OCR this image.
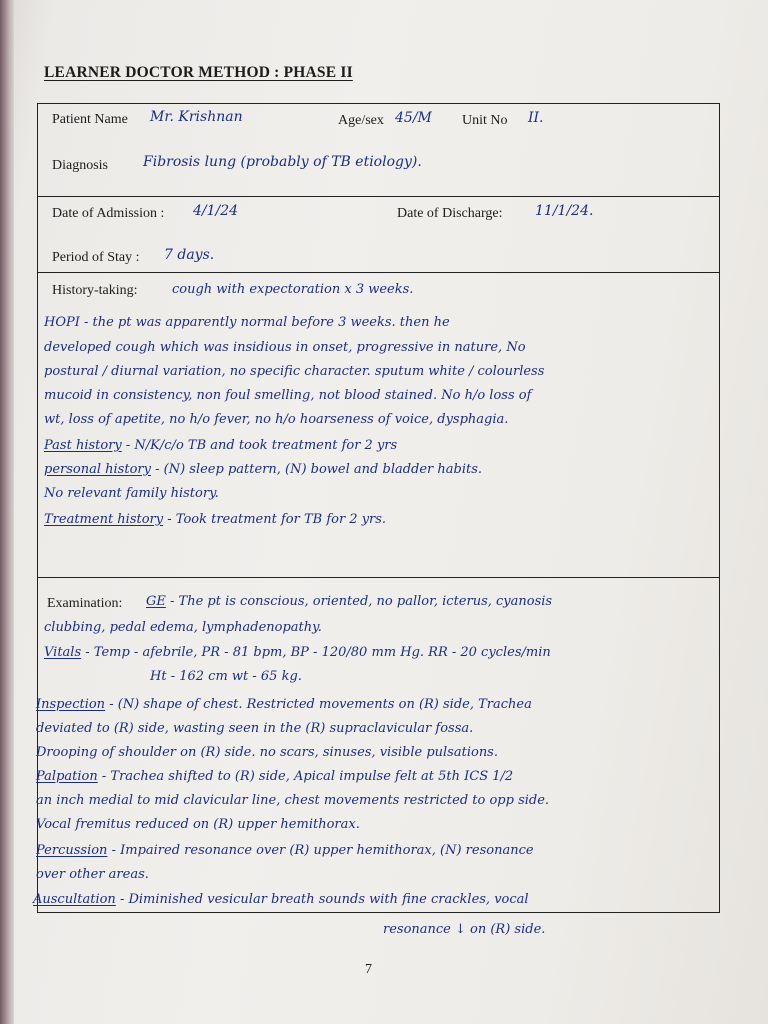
LEARNER DOCTOR METHOD : PHASE II
Patient Name Mr. Krishnan	Age/sex 45/M Unit No II.
Diagnosis	Fibrosis lung (probably of TB etiology).
Date of Admission : 4/1/24	Date of Discharge: 11/1/24.
Period of Stay : 7 days.
History-taking:	cough with expectoration x 3 weeks.
HOPI - the pt was apparently normal before 3 weeks. then he
developed cough which was insidious in onset, progressive in nature, No
postural / diurnal variation, no specific character. sputum white / colourless
mucoid in consistency, non foul smelling, not blood stained. No h/o loss of
wt, loss of apetite, no h/o fever, no h/o hoarseness of voice, dysphagia.
Past history - N/K/c/o TB and took treatment for 2 yrs
personal history - (N) sleep pattern, (N) bowel and bladder habits.
No relevant family history.
Treatment history - Took treatment for TB for 2 yrs.
Examination: GE - The pt is conscious, oriented, no pallor, icterus, cyanosis
clubbing, pedal edema, lymphadenopathy.
Vitals - Temp - afebrile, PR - 81 bpm, BP - 120/80 mm Hg. RR - 20 cycles/min
Ht - 162 cm wt - 65 kg.
Inspection - (N) shape of chest. Restricted movements on (R) side, Trachea
deviated to (R) side, wasting seen in the (R) supraclavicular fossa.
Drooping of shoulder on (R) side. no scars, sinuses, visible pulsations.
Palpation - Trachea shifted to (R) side, Apical impulse felt at 5th ICS 1/2
an inch medial to mid clavicular line, chest movements restricted to opp side.
Vocal fremitus reduced on (R) upper hemithorax.
Percussion - Impaired resonance over (R) upper hemithorax, (N) resonance
over other areas.
Auscultation - Diminished vesicular breath sounds with fine crackles, vocal
resonance ↓ on (R) side.
7
